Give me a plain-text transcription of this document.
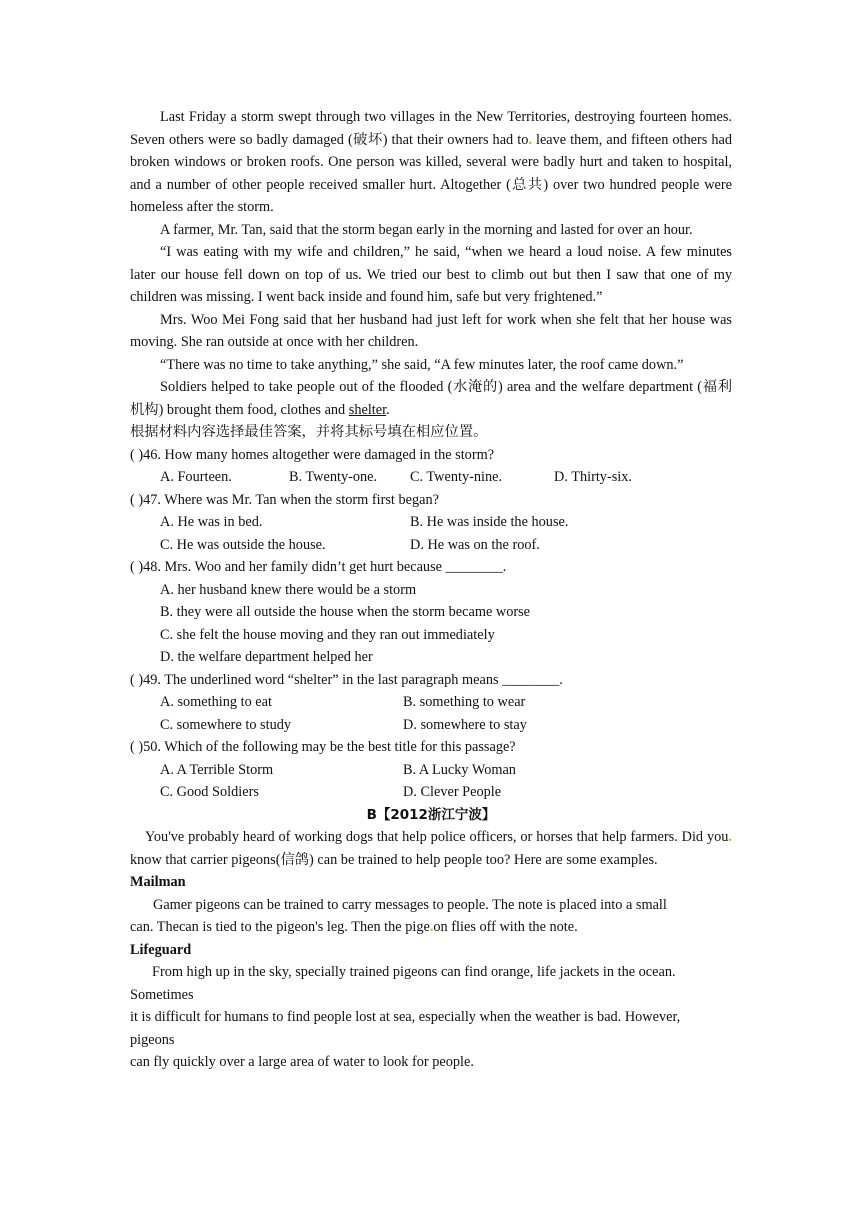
Last Friday a storm swept through two villages in the New Territories, destroying fourteen homes. Seven others were so badly damaged (破坏) that their owners had to. leave them, and fifteen others had broken windows or broken roofs. One person was killed, several were badly hurt and taken to hospital, and a number of other people received smaller hurt. Altogether (总共) over two hundred people were homeless after the storm.

A farmer, Mr. Tan, said that the storm began early in the morning and lasted for over an hour.

“I was eating with my wife and children,” he said, “when we heard a loud noise. A few minutes later our house fell down on top of us. We tried our best to climb out but then I saw that one of my children was missing. I went back inside and found him, safe but very frightened.”

Mrs. Woo Mei Fong said that her husband had just left for work when she felt that her house was moving. She ran outside at once with her children.

“There was no time to take anything,” she said, “A few minutes later, the roof came down.”

Soldiers helped to take people out of the flooded (水淹的) area and the welfare department (福利机构) brought them food, clothes and shelter.

根据材料内容选择最佳答案，并将其标号填在相应位置。

( )46. How many homes altogether were damaged in the storm?

A. Fourteen.	B. Twenty-one.	C. Twenty-nine.	D. Thirty-six.

( )47. Where was Mr. Tan when the storm first began?

A. He was in bed.	B. He was inside the house.
C. He was outside the house.	D. He was on the roof.

( )48. Mrs. Woo and her family didn’t get hurt because ________.

A. her husband knew there would be a storm

B. they were all outside the house when the storm became worse

C. she felt the house moving and they ran out immediately

D. the welfare department helped her

( )49. The underlined word “shelter” in the last paragraph means ________.

A. something to eat	B. something to wear
C. somewhere to study	D. somewhere to stay

( )50. Which of the following may be the best title for this passage?

A. A Terrible Storm	B. A Lucky Woman
C. Good Soldiers	D. Clever People

B【2012浙江宁波】

You've probably heard of working dogs that help police officers, or horses that help farmers. Did you. know that carrier pigeons(信鸽) can be trained to help people too? Here are some examples.

Mailman

Gamer pigeons can be trained to carry messages to people. The note is placed into a small

can. Thecan is tied to the pigeon's leg. Then the pige.on flies off with the note.

Lifeguard

From high up in the sky, specially trained pigeons can find orange, life jackets in the ocean.

Sometimes

it is difficult for humans to find people lost at sea, especially when the weather is bad. However,

pigeons

can fly quickly over a large area of water to look for people.
